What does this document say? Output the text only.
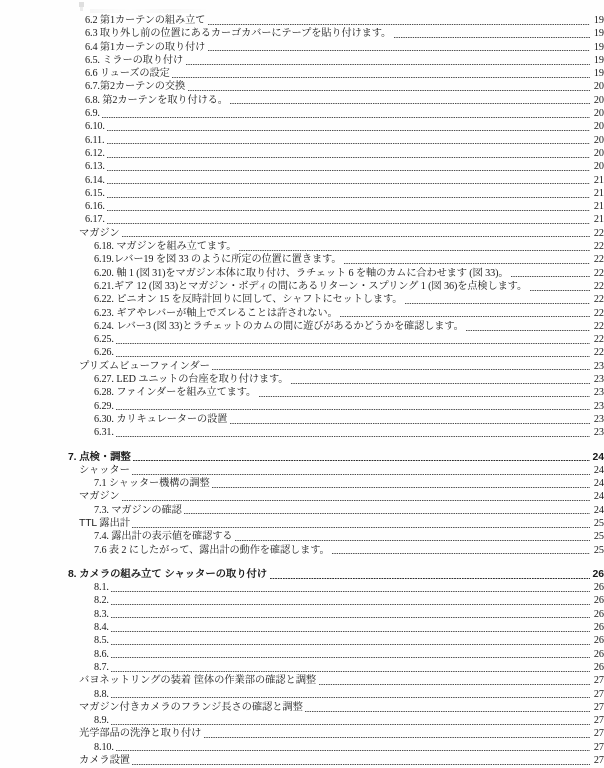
6.2 第1カーテンの組み立て	19
6.3 取り外し前の位置にあるカーゴカバーにテープを貼り付けます。	19
6.4 第1カーテンの取り付け	19
6.5. ミラーの取り付け	19
6.6 リューズの設定	19
6.7.第2カーテンの交換	20
6.8. 第2カーテンを取り付ける。	20
6.9.	20
6.10.	20
6.11.	20
6.12.	20
6.13.	20
6.14.	21
6.15.	21
6.16.	21
6.17.	21
マガジン	22
6.18. マガジンを組み立てます。	22
6.19.レバー19 を図 33 のように所定の位置に置きます。	22
6.20. 軸 1 (図 31)をマガジン本体に取り付け、ラチェット 6 を軸のカムに合わせます (図 33)。	22
6.21.ギア 12 (図 33)とマガジン・ボディの間にあるリターン・スプリング 1 (図 36)を点検します。	22
6.22. ピニオン 15 を反時計回りに回して、シャフトにセットします。	22
6.23. ギアやレバーが軸上でズレることは許されない。	22
6.24. レバー3 (図 33)とラチェットのカムの間に遊びがあるかどうかを確認します。	22
6.25.	22
6.26.	22
プリズムビューファインダー	23
6.27. LED ユニットの台座を取り付けます。	23
6.28. ファインダーを組み立てます。	23
6.29.	23
6.30. カリキュレーターの設置	23
6.31.	23
7. 点検・調整	24
シャッター	24
7.1 シャッター機構の調整	24
マガジン	24
7.3. マガジンの確認	24
TTL 露出計	25
7.4. 露出計の表示値を確認する	25
7.6 表 2 にしたがって、露出計の動作を確認します。	25
8. カメラの組み立て シャッターの取り付け	26
8.1.	26
8.2.	26
8.3.	26
8.4.	26
8.5.	26
8.6.	26
8.7.	26
バヨネットリングの装着 筐体の作業部の確認と調整	27
8.8.	27
マガジン付きカメラのフランジ長さの確認と調整	27
8.9.	27
光学部品の洗浄と取り付け	27
8.10.	27
カメラ設置	27
